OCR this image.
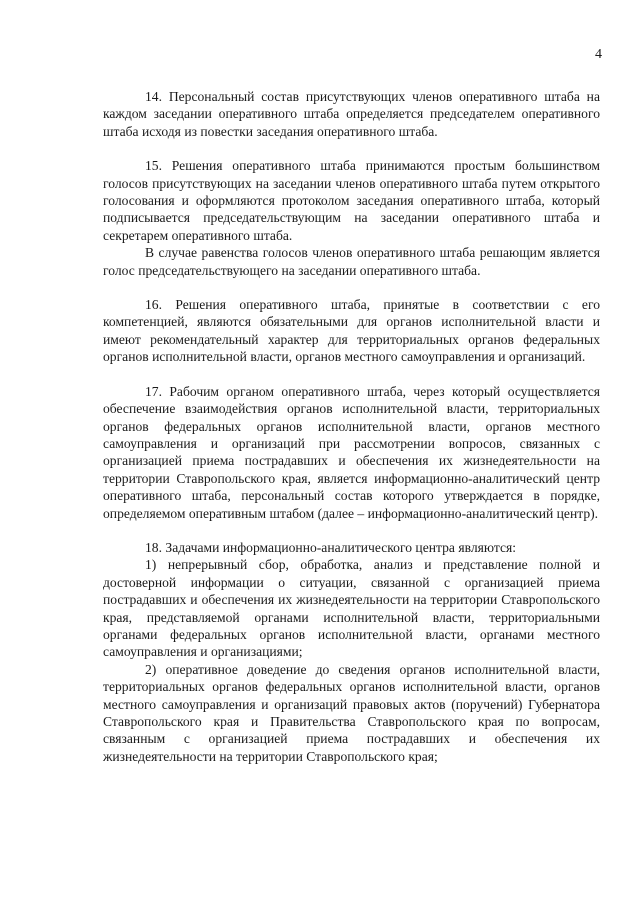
4

14. Персональный состав присутствующих членов оперативного штаба на каждом заседании оперативного штаба определяется председателем оперативного штаба исходя из повестки заседания оперативного штаба.

15. Решения оперативного штаба принимаются простым большинством голосов присутствующих на заседании членов оперативного штаба путем открытого голосования и оформляются протоколом заседания оперативного штаба, который подписывается председательствующим на заседании оперативного штаба и секретарем оперативного штаба.

В случае равенства голосов членов оперативного штаба решающим является голос председательствующего на заседании оперативного штаба.

16. Решения оперативного штаба, принятые в соответствии с его компетенцией, являются обязательными для органов исполнительной власти и имеют рекомендательный характер для территориальных органов федеральных органов исполнительной власти, органов местного самоуправления и организаций.

17. Рабочим органом оперативного штаба, через который осуществляется обеспечение взаимодействия органов исполнительной власти, территориальных органов федеральных органов исполнительной власти, органов местного самоуправления и организаций при рассмотрении вопросов, связанных с организацией приема пострадавших и обеспечения их жизнедеятельности на территории Ставропольского края, является информационно-аналитический центр оперативного штаба, персональный состав которого утверждается в порядке, определяемом оперативным штабом (далее – информационно-аналитический центр).

18. Задачами информационно-аналитического центра являются:

1) непрерывный сбор, обработка, анализ и представление полной и достоверной информации о ситуации, связанной с организацией приема пострадавших и обеспечения их жизнедеятельности на территории Ставропольского края, представляемой органами исполнительной власти, территориальными органами федеральных органов исполнительной власти, органами местного самоуправления и организациями;

2) оперативное доведение до сведения органов исполнительной власти, территориальных органов федеральных органов исполнительной власти, органов местного самоуправления и организаций правовых актов (поручений) Губернатора Ставропольского края и Правительства Ставропольского края по вопросам, связанным с организацией приема пострадавших и обеспечения их жизнедеятельности на территории Ставропольского края;
